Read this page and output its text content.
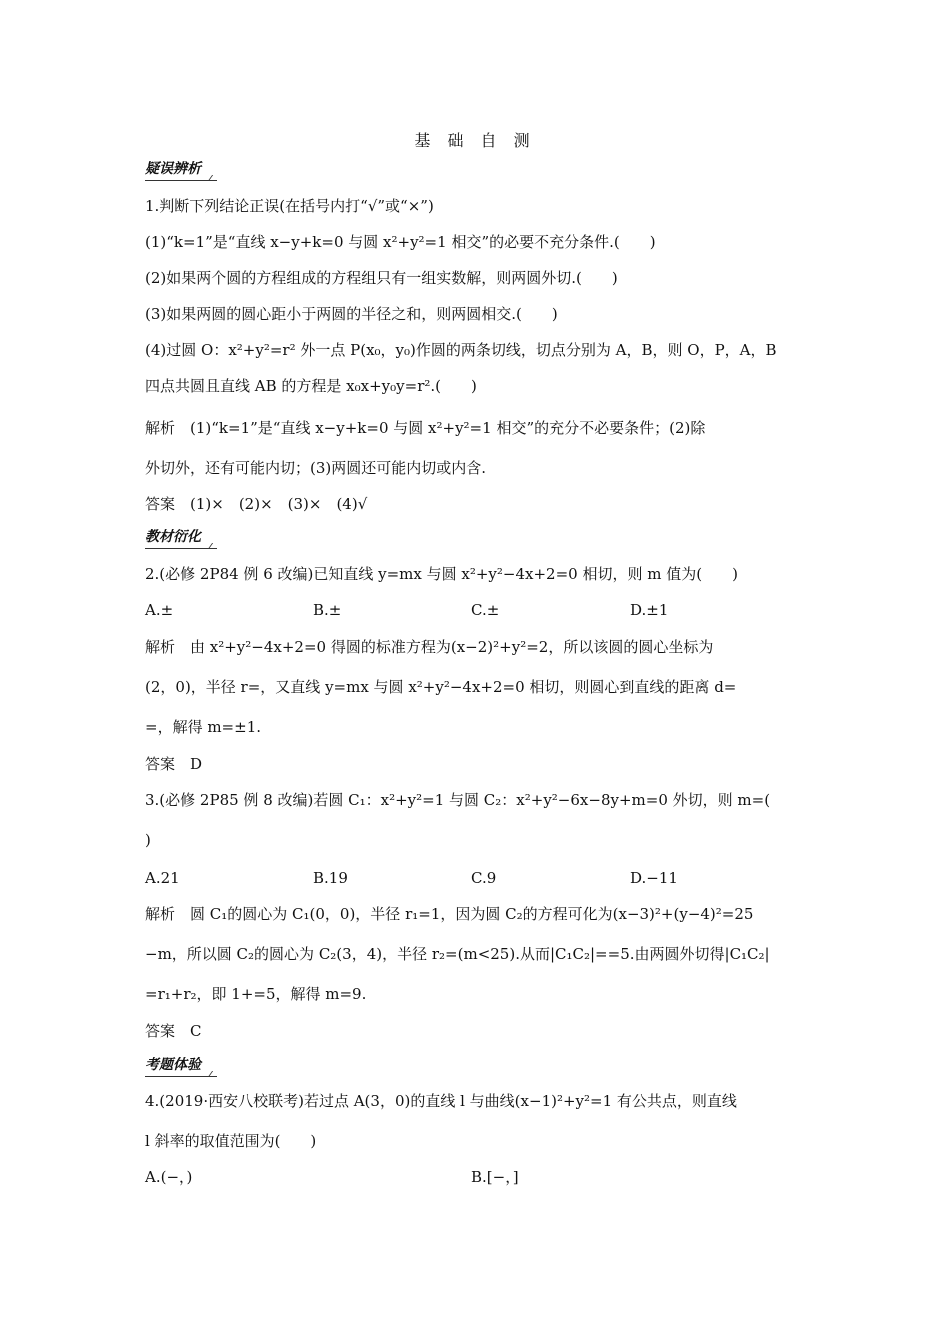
基 础 自 测
疑误辨析
1.判断下列结论正误(在括号内打“√”或“×”)
(1)“k=1”是“直线 x−y+k=0 与圆 x²+y²=1 相交”的必要不充分条件.(　　)
(2)如果两个圆的方程组成的方程组只有一组实数解，则两圆外切.(　　)
(3)如果两圆的圆心距小于两圆的半径之和，则两圆相交.(　　)
(4)过圆 O：x²+y²=r² 外一点 P(x₀，y₀)作圆的两条切线，切点分别为 A，B，则 O，P，A，B
四点共圆且直线 AB 的方程是 x₀x+y₀y=r².(　　)
解析　(1)“k=1”是“直线 x−y+k=0 与圆 x²+y²=1 相交”的充分不必要条件；(2)除
外切外，还有可能内切；(3)两圆还可能内切或内含.
答案　(1)×　(2)×　(3)×　(4)√
教材衍化
2.(必修 2P84 例 6 改编)已知直线 y=mx 与圆 x²+y²−4x+2=0 相切，则 m 值为(　　)
A.±	B.±	C.±	D.±1
解析　由 x²+y²−4x+2=0 得圆的标准方程为(x−2)²+y²=2，所以该圆的圆心坐标为
(2，0)，半径 r=，又直线 y=mx 与圆 x²+y²−4x+2=0 相切，则圆心到直线的距离 d=
=，解得 m=±1.
答案　D
3.(必修 2P85 例 8 改编)若圆 C₁：x²+y²=1 与圆 C₂：x²+y²−6x−8y+m=0 外切，则 m=(
)
A.21	B.19	C.9	D.−11
解析　圆 C₁的圆心为 C₁(0，0)，半径 r₁=1，因为圆 C₂的方程可化为(x−3)²+(y−4)²=25
−m，所以圆 C₂的圆心为 C₂(3，4)，半径 r₂=(m<25).从而|C₁C₂|==5.由两圆外切得|C₁C₂|
=r₁+r₂，即 1+=5，解得 m=9.
答案　C
考题体验
4.(2019·西安八校联考)若过点 A(3，0)的直线 l 与曲线(x−1)²+y²=1 有公共点，则直线
l 斜率的取值范围为(　　)
A.(−，)	B.[−，]
